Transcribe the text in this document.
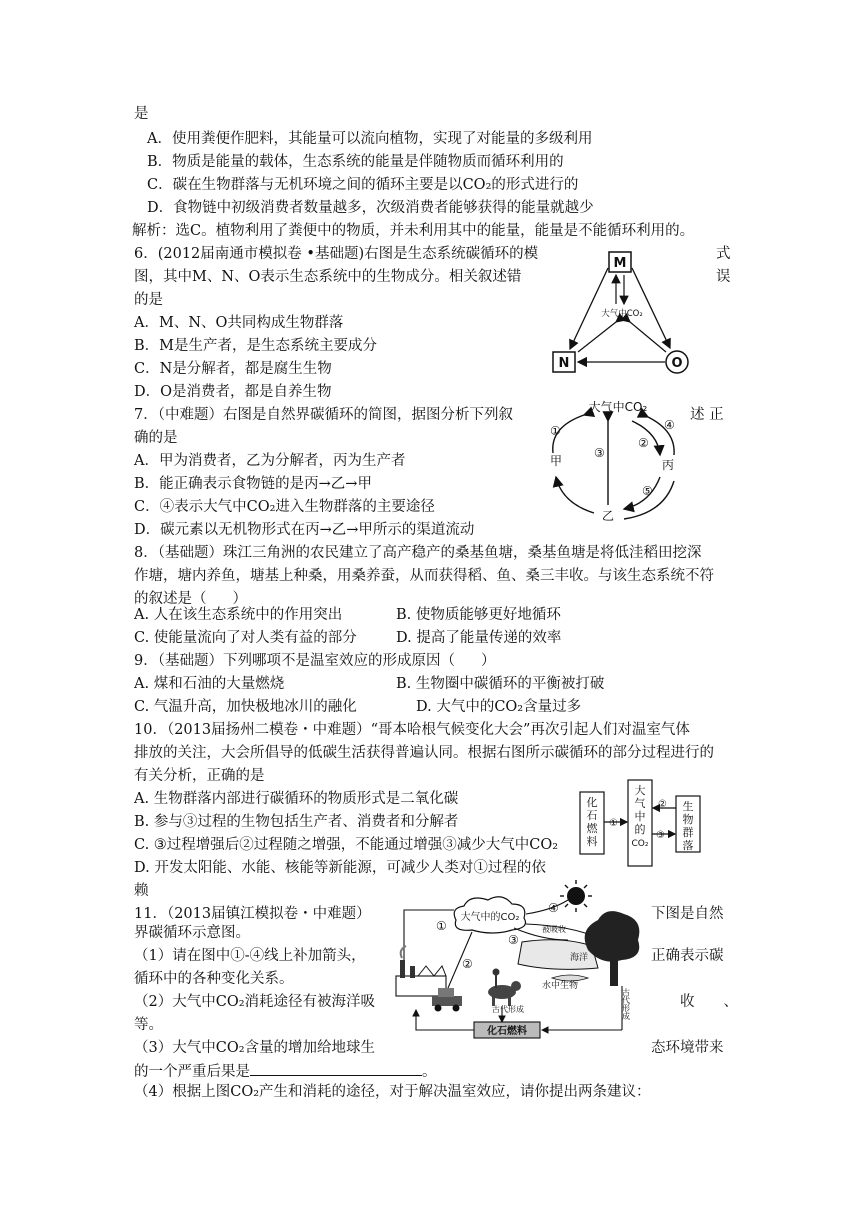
是
A．使用粪便作肥料，其能量可以流向植物，实现了对能量的多级利用
B．物质是能量的载体，生态系统的能量是伴随物质而循环利用的
C．碳在生物群落与无机环境之间的循环主要是以CO₂的形式进行的
D．食物链中初级消费者数量越多，次级消费者能够获得的能量就越少
解析：选C。植物利用了粪便中的物质，并未利用其中的能量，能量是不能循环利用的。
6．(2012届南通市模拟卷 •基础题)右图是生态系统碳循环的模	式
图，其中M、N、O表示生态系统中的生物成分。相关叙述错	误
的是
A．M、N、O共同构成生物群落
B．M是生产者，是生态系统主要成分
C．N是分解者，都是腐生生物
D．O是消费者，都是自养生物
M
N	O
大气中CO₂
7．（中难题）右图是自然界碳循环的简图，据图分析下列叙	述 正
确的是
A．甲为消费者，乙为分解者，丙为生产者
B．能正确表示食物链的是丙→乙→甲
C．④表示大气中CO₂进入生物群落的主要途径
D．碳元素以无机物形式在丙→乙→甲所示的渠道流动
大气中CO₂
甲	丙
乙
①
②
③
④
⑤
8．（基础题）珠江三角洲的农民建立了高产稳产的桑基鱼塘，桑基鱼塘是将低洼稻田挖深
作塘，塘内养鱼，塘基上种桑，用桑养蚕，从而获得稻、鱼、桑三丰收。与该生态系统不符
的叙述是（ ）
A. 人在该生态系统中的作用突出	B. 使物质能够更好地循环
C. 使能量流向了对人类有益的部分	D. 提高了能量传递的效率
9．（基础题）下列哪项不是温室效应的形成原因（ ）
A. 煤和石油的大量燃烧	B. 生物圈中碳循环的平衡被打破
C. 气温升高，加快极地冰川的融化	D. 大气中的CO₂含量过多
10．（2013届扬州二模卷・中难题）“哥本哈根气候变化大会”再次引起人们对温室气体
排放的关注，大会所倡导的低碳生活获得普遍认同。根据右图所示碳循环的部分过程进行的
有关分析，正确的是
A. 生物群落内部进行碳循环的物质形式是二氧化碳
B. 参与③过程的生物包括生产者、消费者和分解者
C. ③过程增强后②过程随之增强，不能通过增强③减少大气中CO₂
D. 开发太阳能、水能、核能等新能源，可减少人类对①过程的依
赖
化石燃料
大气中的 CO₂
生物群落
①
②
③
11．（2013届镇江模拟卷・中难题）	下图是自然
界碳循环示意图。
（1）请在图中①-④线上补加箭头，	正确表示碳
循环中的各种变化关系。
（2）大气中CO₂消耗途径有被海洋吸	收　　、
等。
（3）大气中CO₂含量的增加给地球生	态环境带来
的一个严重后果是	。
（4）根据上图CO₂产生和消耗的途径，对于解决温室效应，请你提出两条建议：
大气中的CO₂
①
②
③
④
被吸收
海洋
水中生物
古代形成	古代形成
化石燃料
